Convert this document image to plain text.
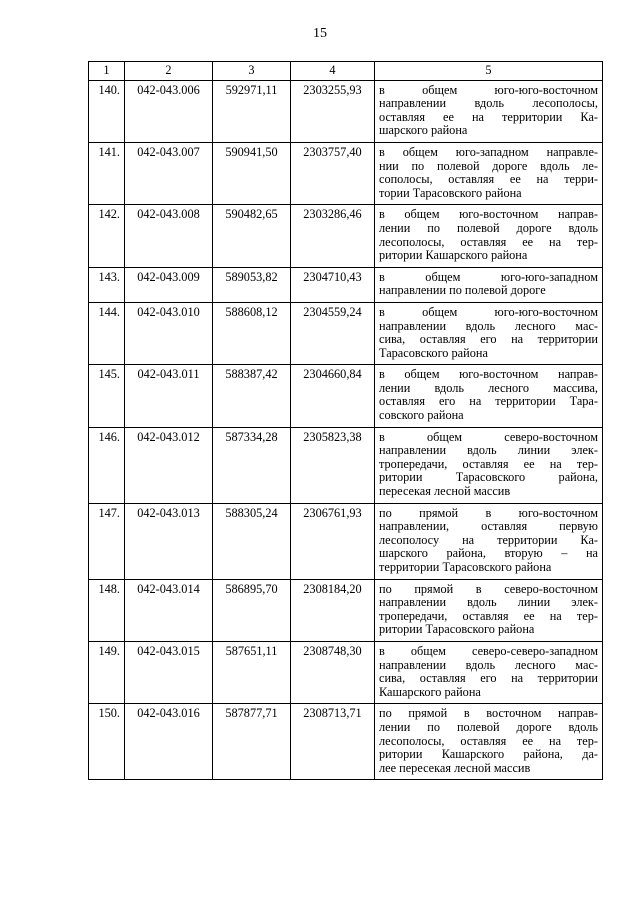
15
1	2	3	4	5
140.	042-043.006	592971,11	2303255,93	в общем юго-юго-восточном
направлении вдоль лесополосы,
оставляя ее на территории Ка-
шарского района

141.	042-043.007	590941,50	2303757,40	в общем юго-западном направле-
нии по полевой дороге вдоль ле-
сополосы, оставляя ее на терри-
тории Тарасовского района

142.	042-043.008	590482,65	2303286,46	в общем юго-восточном направ-
лении по полевой дороге вдоль
лесополосы, оставляя ее на тер-
ритории Кашарского района

143.	042-043.009	589053,82	2304710,43	в общем юго-юго-западном
направлении по полевой дороге

144.	042-043.010	588608,12	2304559,24	в общем юго-юго-восточном
направлении вдоль лесного мас-
сива, оставляя его на территории
Тарасовского района

145.	042-043.011	588387,42	2304660,84	в общем юго-восточном направ-
лении вдоль лесного массива,
оставляя его на территории Тара-
совского района

146.	042-043.012	587334,28	2305823,38	в общем северо-восточном
направлении вдоль линии элек-
тропередачи, оставляя ее на тер-
ритории Тарасовского района,
пересекая лесной массив

147.	042-043.013	588305,24	2306761,93	по прямой в юго-восточном
направлении, оставляя первую
лесополосу на территории Ка-
шарского района, вторую – на
территории Тарасовского района

148.	042-043.014	586895,70	2308184,20	по прямой в северо-восточном
направлении вдоль линии элек-
тропередачи, оставляя ее на тер-
ритории Тарасовского района

149.	042-043.015	587651,11	2308748,30	в общем северо-северо-западном
направлении вдоль лесного мас-
сива, оставляя его на территории
Кашарского района

150.	042-043.016	587877,71	2308713,71	по прямой в восточном направ-
лении по полевой дороге вдоль
лесополосы, оставляя ее на тер-
ритории Кашарского района, да-
лее пересекая лесной массив
